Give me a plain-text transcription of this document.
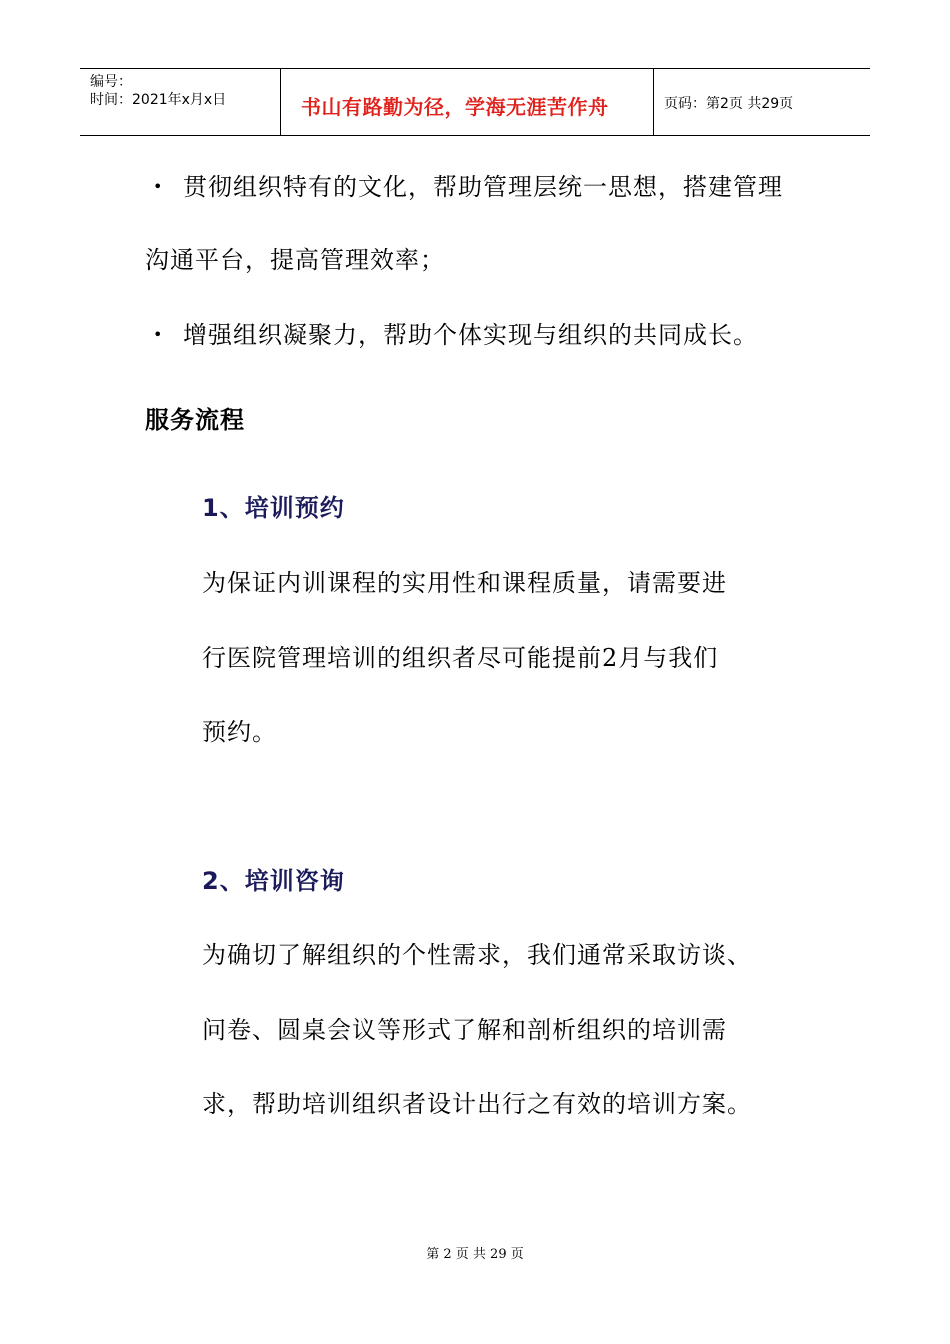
编号：
时间：2021年x月x日	书山有路勤为径，学海无涯苦作舟	页码：第2页 共29页
• 贯彻组织特有的文化，帮助管理层统一思想，搭建管理
沟通平台，提高管理效率；
• 增强组织凝聚力，帮助个体实现与组织的共同成长。
服务流程
1、培训预约
为保证内训课程的实用性和课程质量，请需要进
行医院管理培训的组织者尽可能提前2月与我们
预约。
2、培训咨询
为确切了解组织的个性需求，我们通常采取访谈、
问卷、圆桌会议等形式了解和剖析组织的培训需
求，帮助培训组织者设计出行之有效的培训方案。
第 2 页 共 29 页
